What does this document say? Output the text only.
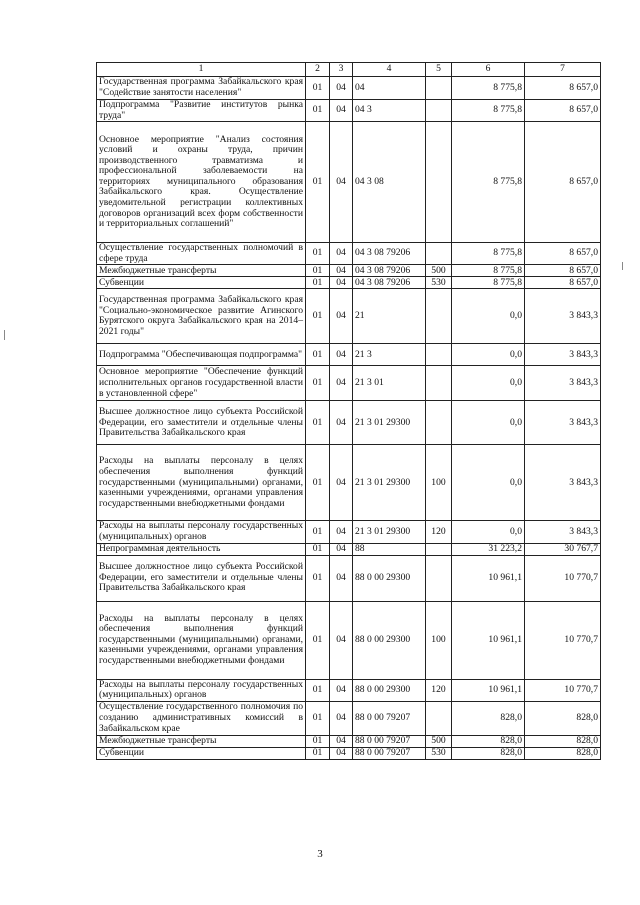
1	2	3	4	5	6	7
Государственная программа Забайкальского края "Содействие занятости населения"	01	04	04		8 775,8	8 657,0
Подпрограмма "Развитие институтов рынка труда"	01	04	04 3		8 775,8	8 657,0
Основное мероприятие "Анализ состояния условий и охраны труда, причин производственного травматизма и профессиональной заболеваемости на территориях муниципального образования Забайкальского края. Осуществление уведомительной регистрации коллективных договоров организаций всех форм собственности и территориальных соглашений"	01	04	04 3 08		8 775,8	8 657,0
Осуществление государственных полномочий в сфере труда	01	04	04 3 08 79206		8 775,8	8 657,0
Межбюджетные трансферты	01	04	04 3 08 79206	500	8 775,8	8 657,0
Субвенции	01	04	04 3 08 79206	530	8 775,8	8 657,0
Государственная программа Забайкальского края "Социально-экономическое развитие Агинского Бурятского округа Забайкальского края на 2014–2021 годы"	01	04	21		0,0	3 843,3
Подпрограмма "Обеспечивающая подпрограмма"	01	04	21 3		0,0	3 843,3
Основное мероприятие "Обеспечение функций исполнительных органов государственной власти в установленной сфере"	01	04	21 3 01		0,0	3 843,3
Высшее должностное лицо субъекта Российской Федерации, его заместители и отдельные члены Правительства Забайкальского края	01	04	21 3 01 29300		0,0	3 843,3
Расходы на выплаты персоналу в целях обеспечения выполнения функций государственными (муниципальными) органами, казенными учреждениями, органами управления государственными внебюджетными фондами	01	04	21 3 01 29300	100	0,0	3 843,3
Расходы на выплаты персоналу государственных (муниципальных) органов	01	04	21 3 01 29300	120	0,0	3 843,3
Непрограммная деятельность	01	04	88		31 223,2	30 767,7
Высшее должностное лицо субъекта Российской Федерации, его заместители и отдельные члены Правительства Забайкальского края	01	04	88 0 00 29300		10 961,1	10 770,7
Расходы на выплаты персоналу в целях обеспечения выполнения функций государственными (муниципальными) органами, казенными учреждениями, органами управления государственными внебюджетными фондами	01	04	88 0 00 29300	100	10 961,1	10 770,7
Расходы на выплаты персоналу государственных (муниципальных) органов	01	04	88 0 00 29300	120	10 961,1	10 770,7
Осуществление государственного полномочия по созданию административных комиссий в Забайкальском крае	01	04	88 0 00 79207		828,0	828,0
Межбюджетные трансферты	01	04	88 0 00 79207	500	828,0	828,0
Субвенции	01	04	88 0 00 79207	530	828,0	828,0
3
